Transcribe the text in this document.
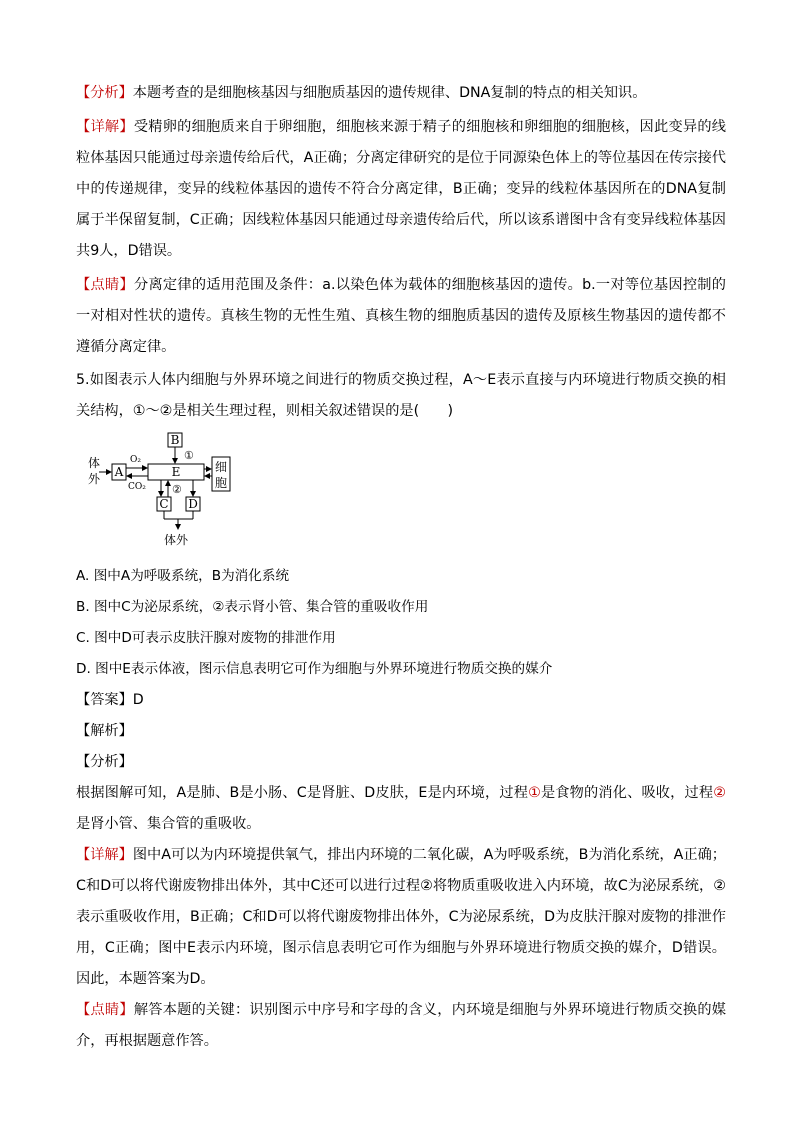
【分析】本题考查的是细胞核基因与细胞质基因的遗传规律、DNA复制的特点的相关知识。

【详解】受精卵的细胞质来自于卵细胞，细胞核来源于精子的细胞核和卵细胞的细胞核，因此变异的线粒体基因只能通过母亲遗传给后代，A正确；分离定律研究的是位于同源染色体上的等位基因在传宗接代中的传递规律，变异的线粒体基因的遗传不符合分离定律，B正确；变异的线粒体基因所在的DNA复制属于半保留复制，C正确；因线粒体基因只能通过母亲遗传给后代，所以该系谱图中含有变异线粒体基因共9人，D错误。

【点睛】分离定律的适用范围及条件：a.以染色体为载体的细胞核基因的遗传。b.一对等位基因控制的一对相对性状的遗传。真核生物的无性生殖、真核生物的细胞质基因的遗传及原核生物基因的遗传都不遵循分离定律。

5.如图表示人体内细胞与外界环境之间进行的物质交换过程，A～E表示直接与内环境进行物质交换的相关结构，①～②是相关生理过程，则相关叙述错误的是(　　)

B
①
E
A
体
外
O₂
CO₂
细
胞
C
②
D
体外

A. 图中A为呼吸系统，B为消化系统

B. 图中C为泌尿系统，②表示肾小管、集合管的重吸收作用

C. 图中D可表示皮肤汗腺对废物的排泄作用

D. 图中E表示体液，图示信息表明它可作为细胞与外界环境进行物质交换的媒介

【答案】D

【解析】

【分析】

根据图解可知，A是肺、B是小肠、C是肾脏、D皮肤，E是内环境，过程①是食物的消化、吸收，过程②是肾小管、集合管的重吸收。

【详解】图中A可以为内环境提供氧气，排出内环境的二氧化碳，A为呼吸系统，B为消化系统，A正确；C和D可以将代谢废物排出体外，其中C还可以进行过程②将物质重吸收进入内环境，故C为泌尿系统，②表示重吸收作用，B正确；C和D可以将代谢废物排出体外，C为泌尿系统，D为皮肤汗腺对废物的排泄作用，C正确；图中E表示内环境，图示信息表明它可作为细胞与外界环境进行物质交换的媒介，D错误。因此，本题答案为D。

【点睛】解答本题的关键：识别图示中序号和字母的含义，内环境是细胞与外界环境进行物质交换的媒介，再根据题意作答。
